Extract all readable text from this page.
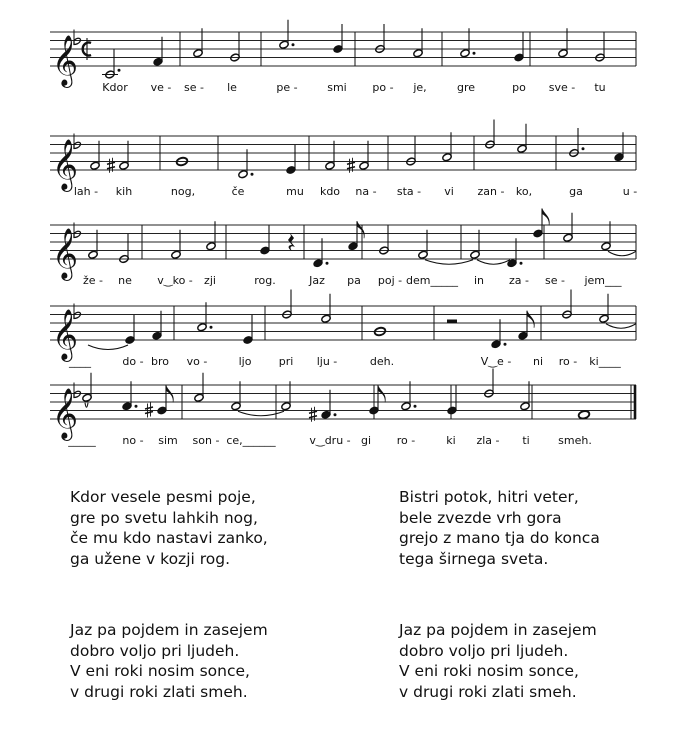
𝄞
Kdor ve - se - le	pe -	smi po - je,	gre	po sve - tu
𝄞
lah - kih	nog,	če	mu kdo na - sta - vi zan - ko,	ga	u -
𝄞
že - ne v‿ko - zji	rog.	Jaz pa poj - dem_____ in za - se - jem___
𝄞
____	do - bro vo -	ljo pri lju -	deh.	V‿e - ni ro - ki____
𝄞
_____ no - sim son - ce,______	v‿dru - gi ro -	ki zla - ti	smeh.
Kdor vesele pesmi poje,
gre po svetu lahkih nog,
če mu kdo nastavi zanko,
ga užene v kozji rog.
Bistri potok, hitri veter,
bele zvezde vrh gora
grejo z mano tja do konca
tega širnega sveta.
Jaz pa pojdem in zasejem
dobro voljo pri ljudeh.
V eni roki nosim sonce,
v drugi roki zlati smeh.
Jaz pa pojdem in zasejem
dobro voljo pri ljudeh.
V eni roki nosim sonce,
v drugi roki zlati smeh.
